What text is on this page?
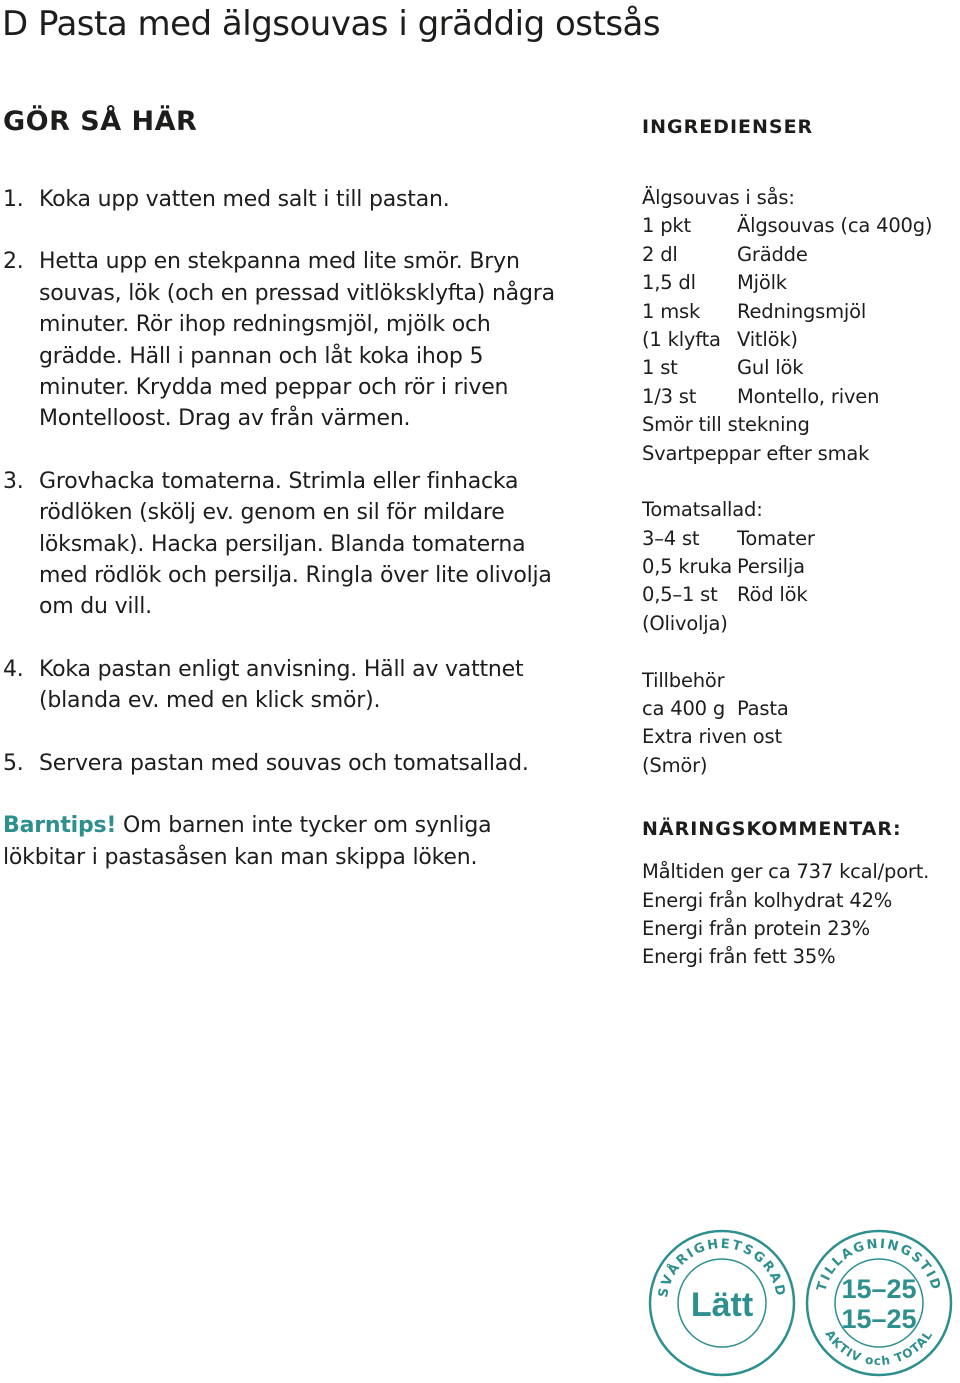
D Pasta med älgsouvas i gräddig ostsås
GÖR SÅ HÄR
1. Koka upp vatten med salt i till pastan.
2. Hetta upp en stekpanna med lite smör. Bryn souvas, lök (och en pressad vitlöksklyfta) några minuter. Rör ihop redningsmjöl, mjölk och grädde. Häll i pannan och låt koka ihop 5 minuter. Krydda med peppar och rör i riven Montelloost. Drag av från värmen.
3. Grovhacka tomaterna. Strimla eller finhacka rödlöken (skölj ev. genom en sil för mildare löksmak). Hacka persiljan. Blanda tomaterna med rödlök och persilja. Ringla över lite olivolja om du vill.
4. Koka pastan enligt anvisning. Häll av vattnet (blanda ev. med en klick smör).
5. Servera pastan med souvas och tomatsallad.
Barntips! Om barnen inte tycker om synliga lökbitar i pastasåsen kan man skippa löken.
INGREDIENSER
Älgsouvas i sås:
1 pkt	Älgsouvas (ca 400g)
2 dl	Grädde
1,5 dl	Mjölk
1 msk	Redningsmjöl
(1 klyfta Vitlök)
1 st	Gul lök
1/3 st	Montello, riven
Smör till stekning
Svartpeppar efter smak
Tomatsallad:
3–4 st	Tomater
0,5 kruka Persilja
0,5–1 st Röd lök
(Olivolja)
Tillbehör
ca 400 g Pasta
Extra riven ost
(Smör)
NÄRINGSKOMMENTAR:
Måltiden ger ca 737 kcal/port.
Energi från kolhydrat 42%
Energi från protein 23%
Energi från fett 35%
SVÅRIGHETSGRAD
Lätt
TILLAGNINGSTID
15–25
15–25
AKTIV och TOTAL
